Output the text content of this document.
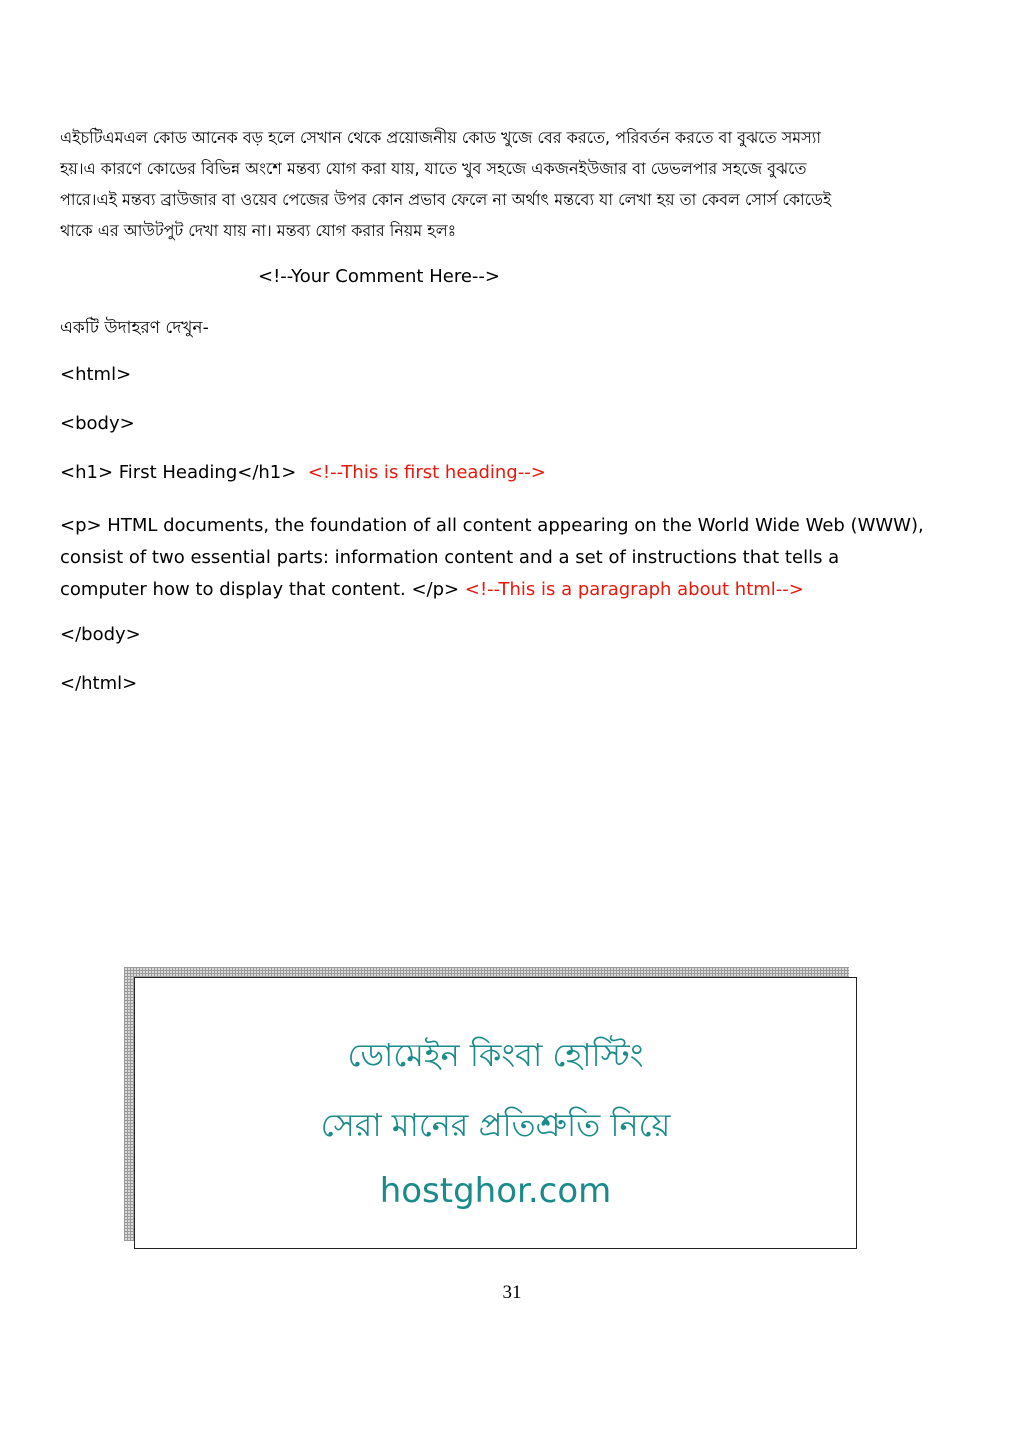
এইচটিএমএল কোড আনেক বড় হলে সেখান থেকে প্রয়োজনীয় কোড খুজে বের করতে, পরিবর্তন করতে বা বুঝতে সমস্যা
হয়।এ কারণে কোডের বিভিন্ন অংশে মন্তব্য যোগ করা যায়, যাতে খুব সহজে একজনইউজার বা ডেভলপার সহজে বুঝতে
পারে।এই মন্তব্য ব্রাউজার বা ওয়েব পেজের উপর কোন প্রভাব ফেলে না অর্থাৎ মন্তব্যে যা লেখা হয় তা কেবল সোর্স কোডেই
থাকে এর আউটপুট দেখা যায় না। মন্তব্য যোগ করার নিয়ম হলঃ
<!--Your Comment Here-->
একটি উদাহরণ দেখুন-
<html>
<body>
<h1> First Heading</h1> <!--This is first heading-->
<p> HTML documents, the foundation of all content appearing on the World Wide Web (WWW),
consist of two essential parts: information content and a set of instructions that tells a
computer how to display that content. </p> <!--This is a paragraph about html-->
</body>
</html>
ডোমেইন কিংবা হোস্টিং
সেরা মানের প্রতিশ্রুতি নিয়ে
hostghor.com
31
